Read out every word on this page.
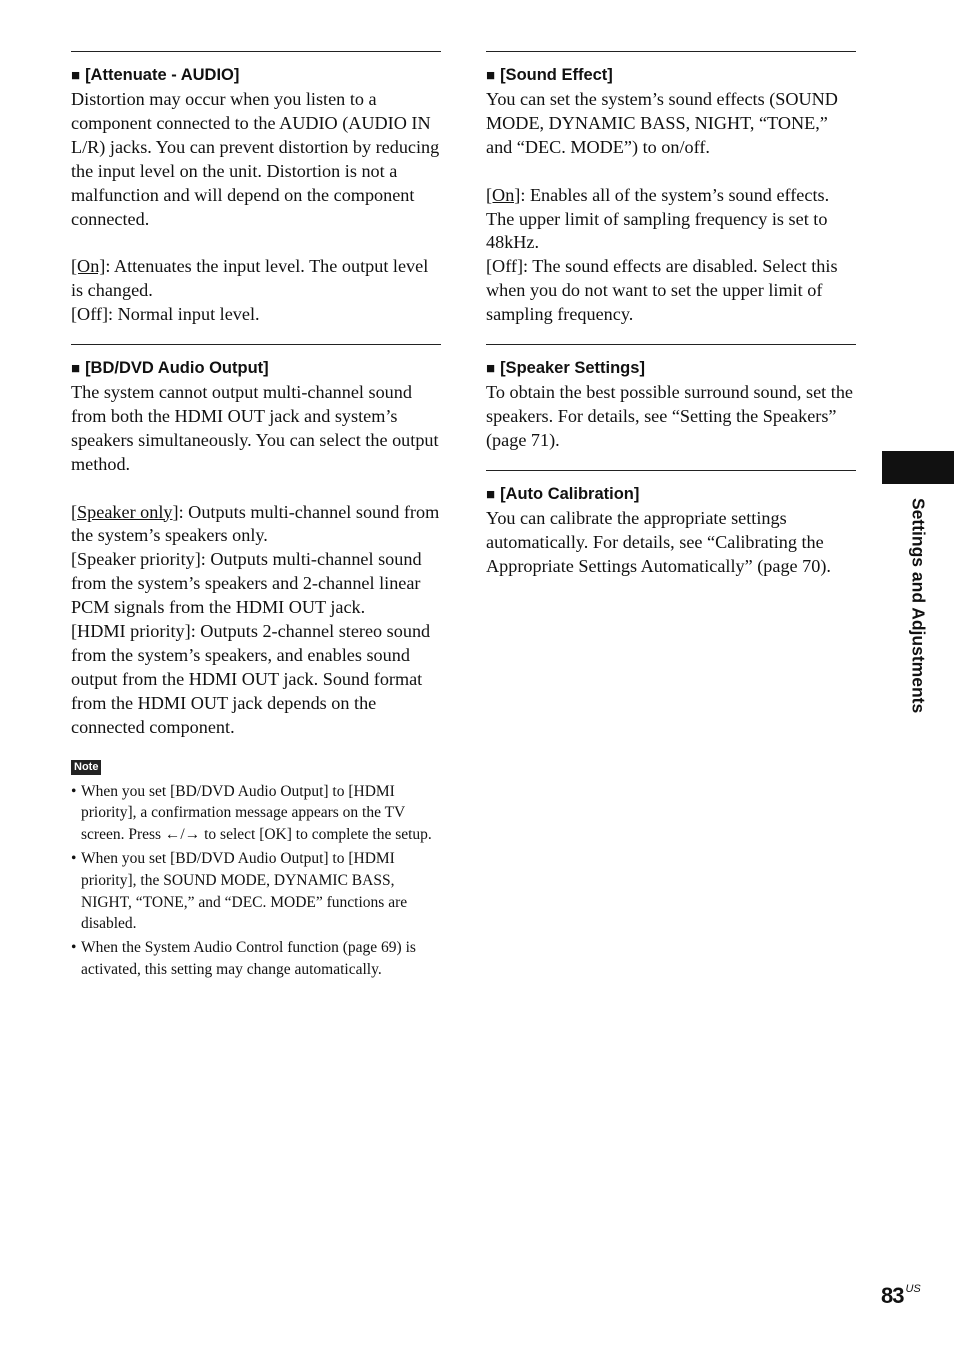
■ [Attenuate - AUDIO]

Distortion may occur when you listen to a component connected to the AUDIO (AUDIO IN L/R) jacks. You can prevent distortion by reducing the input level on the unit. Distortion is not a malfunction and will depend on the component connected.

[On]: Attenuates the input level. The output level is changed.

[Off]: Normal input level.

■ [BD/DVD Audio Output]

The system cannot output multi-channel sound from both the HDMI OUT jack and system’s speakers simultaneously. You can select the output method.

[Speaker only]: Outputs multi-channel sound from the system’s speakers only.

[Speaker priority]: Outputs multi-channel sound from the system’s speakers and 2-channel linear PCM signals from the HDMI OUT jack.

[HDMI priority]: Outputs 2-channel stereo sound from the system’s speakers, and enables sound output from the HDMI OUT jack. Sound format from the HDMI OUT jack depends on the connected component.

Note
• When you set [BD/DVD Audio Output] to [HDMI priority], a confirmation message appears on the TV screen. Press ←/→ to select [OK] to complete the setup.
• When you set [BD/DVD Audio Output] to [HDMI priority], the SOUND MODE, DYNAMIC BASS, NIGHT, “TONE,” and “DEC. MODE” functions are disabled.
• When the System Audio Control function (page 69) is activated, this setting may change automatically.
■ [Sound Effect]

You can set the system’s sound effects (SOUND MODE, DYNAMIC BASS, NIGHT, “TONE,” and “DEC. MODE”) to on/off.

[On]: Enables all of the system’s sound effects. The upper limit of sampling frequency is set to 48kHz.

[Off]: The sound effects are disabled. Select this when you do not want to set the upper limit of sampling frequency.

■ [Speaker Settings]

To obtain the best possible surround sound, set the speakers. For details, see “Setting the Speakers” (page 71).

■ [Auto Calibration]

You can calibrate the appropriate settings automatically. For details, see “Calibrating the Appropriate Settings Automatically” (page 70).	Settings and Adjustments
83 $^{US}$
